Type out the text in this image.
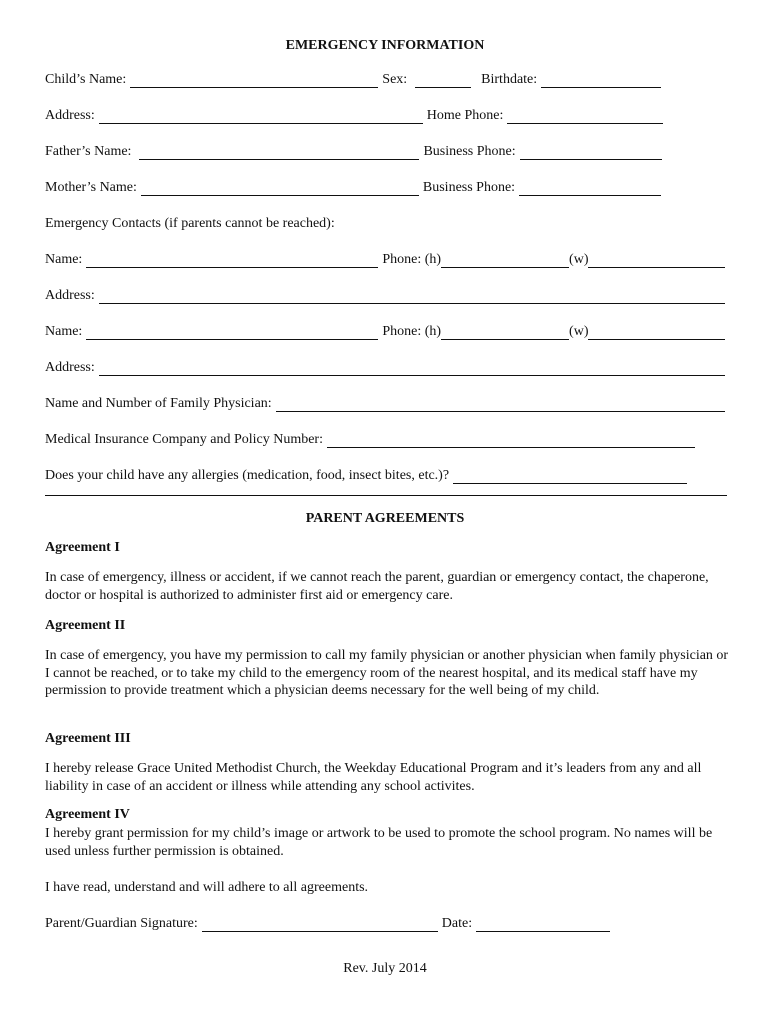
EMERGENCY INFORMATION
Child’s Name:	Sex:	Birthdate:
Address:	Home Phone:
Father’s Name:	Business Phone:
Mother’s Name:	Business Phone:
Emergency Contacts (if parents cannot be reached):
Name:	Phone: (h)	(w)
Address:
Name:	Phone: (h)	(w)
Address:
Name and Number of Family Physician:
Medical Insurance Company and Policy Number:
Does your child have any allergies (medication, food, insect bites, etc.)?
PARENT AGREEMENTS
Agreement I
In case of emergency, illness or accident, if we cannot reach the parent, guardian or emergency contact, the chaperone, doctor or hospital is authorized to administer first aid or emergency care.
Agreement II
In case of emergency, you have my permission to call my family physician or another physician when family physician or I cannot be reached, or to take my child to the emergency room of the nearest hospital, and its medical staff have my permission to provide treatment which a physician deems necessary for the well being of my child.
Agreement III
I hereby release Grace United Methodist Church, the Weekday Educational Program and it’s leaders from any and all liability in case of an accident or illness while attending any school activites.
Agreement IV
I hereby grant permission for my child’s image or artwork to be used to promote the school program. No names will be used unless further permission is obtained.
I have read, understand and will adhere to all agreements.
Parent/Guardian Signature:	Date:
Rev. July 2014
